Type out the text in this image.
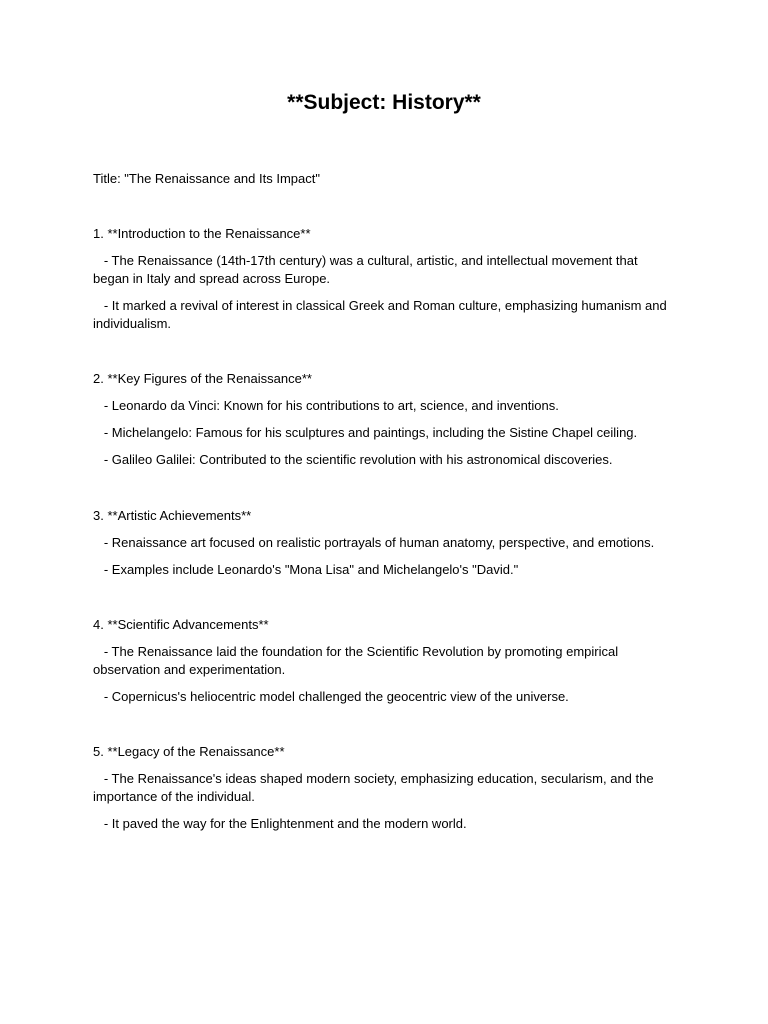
**Subject: History**

Title: "The Renaissance and Its Impact"

1. **Introduction to the Renaissance**

- The Renaissance (14th-17th century) was a cultural, artistic, and intellectual movement that began in Italy and spread across Europe.

- It marked a revival of interest in classical Greek and Roman culture, emphasizing humanism and individualism.

2. **Key Figures of the Renaissance**

- Leonardo da Vinci: Known for his contributions to art, science, and inventions.

- Michelangelo: Famous for his sculptures and paintings, including the Sistine Chapel ceiling.

- Galileo Galilei: Contributed to the scientific revolution with his astronomical discoveries.

3. **Artistic Achievements**

- Renaissance art focused on realistic portrayals of human anatomy, perspective, and emotions.

- Examples include Leonardo's "Mona Lisa" and Michelangelo's "David."

4. **Scientific Advancements**

- The Renaissance laid the foundation for the Scientific Revolution by promoting empirical observation and experimentation.

- Copernicus's heliocentric model challenged the geocentric view of the universe.

5. **Legacy of the Renaissance**

- The Renaissance's ideas shaped modern society, emphasizing education, secularism, and the importance of the individual.

- It paved the way for the Enlightenment and the modern world.
